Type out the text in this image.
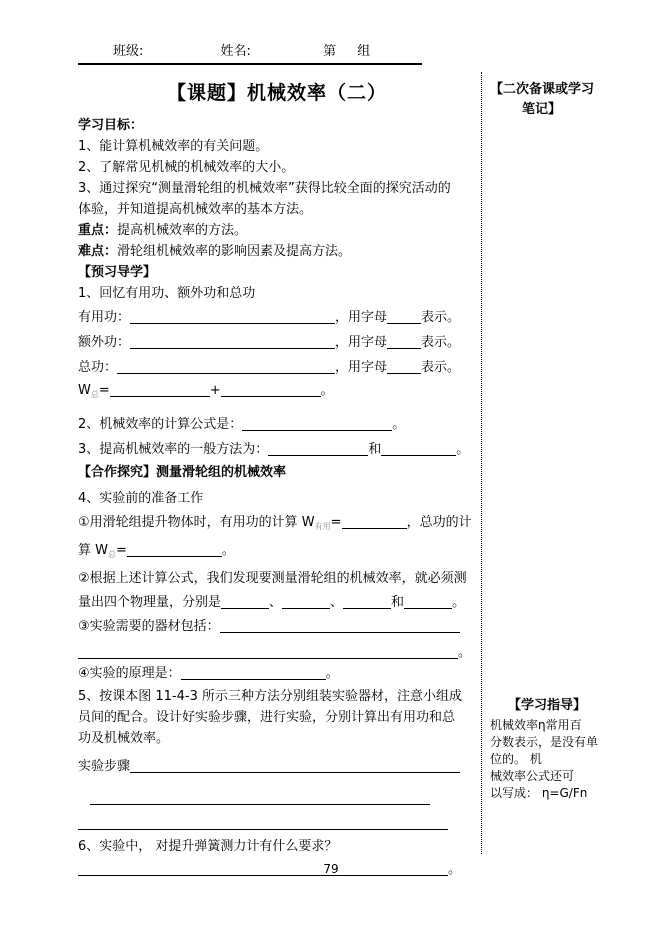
班级:	姓名:	第 组
【课题】机械效率（二）
学习目标：
1、能计算机械效率的有关问题。
2、了解常见机械的机械效率的大小。
3、通过探究“测量滑轮组的机械效率”获得比较全面的探究活动的
体验，并知道提高机械效率的基本方法。
重点：提高机械效率的方法。
难点：滑轮组机械效率的影响因素及提高方法。
【预习导学】
1、回忆有用功、额外功和总功
有用功：	，用字母	表示。
额外功：	，用字母	表示。
总功：	，用字母	表示。
$W_总=$	+	。
2、机械效率的计算公式是：	。
3、提高机械效率的一般方法为：	和	。
【合作探究】测量滑轮组的机械效率
4、实验前的准备工作
①用滑轮组提升物体时，有用功的计算 $W_{有用}=$	，总功的计
算 $W_总=$	。
②根据上述计算公式，我们发现要测量滑轮组的机械效率，就必须测
量出四个物理量，分别是	、	、	和	。
③实验需要的器材包括：
。
④实验的原理是：	。
5、按课本图 11-4-3 所示三种方法分别组装实验器材，注意小组成
员间的配合。设计好实验步骤，进行实验，分别计算出有用功和总
功及机械效率。
实验步骤
6、实验中， 对提升弹簧测力计有什么要求？
。
【二次备课或学习
笔记】
【学习指导】
机械效率η常用百
分数表示，是没有单
位的。 机
械效率公式还可
以写成： η=G/Fn
79
